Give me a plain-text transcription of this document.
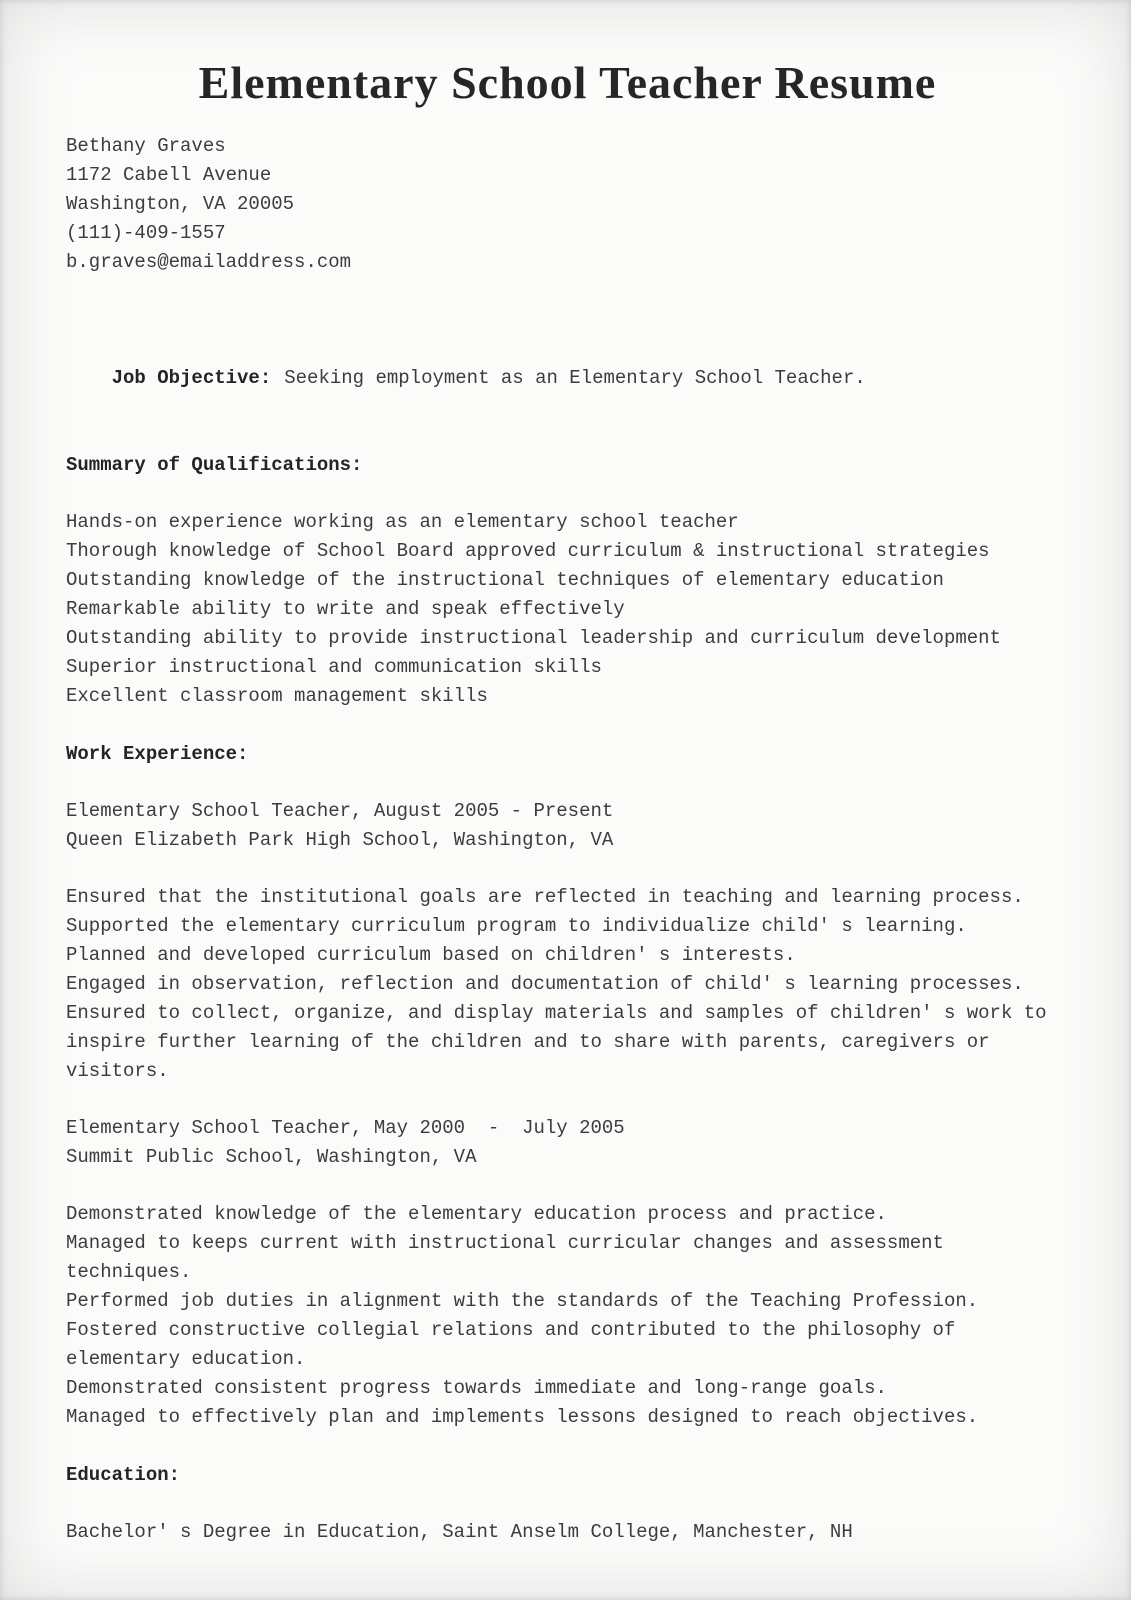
Elementary School Teacher Resume
Bethany Graves
1172 Cabell Avenue
Washington, VA 20005
(111)-409-1557
b.graves@emailaddress.com

Job Objective: Seeking employment as an Elementary School Teacher.

Summary of Qualifications:
Hands-on experience working as an elementary school teacher
Thorough knowledge of School Board approved curriculum & instructional strategies
Outstanding knowledge of the instructional techniques of elementary education
Remarkable ability to write and speak effectively
Outstanding ability to provide instructional leadership and curriculum development
Superior instructional and communication skills
Excellent classroom management skills
Work Experience:
Elementary School Teacher, August 2005 - Present
Queen Elizabeth Park High School, Washington, VA
Ensured that the institutional goals are reflected in teaching and learning process.
Supported the elementary curriculum program to individualize child' s learning.
Planned and developed curriculum based on children' s interests.
Engaged in observation, reflection and documentation of child' s learning processes.
Ensured to collect, organize, and display materials and samples of children' s work to inspire further learning of the children and to share with parents, caregivers or visitors.
Elementary School Teacher, May 2000  -  July 2005
Summit Public School, Washington, VA
Demonstrated knowledge of the elementary education process and practice.
Managed to keeps current with instructional curricular changes and assessment techniques.
Performed job duties in alignment with the standards of the Teaching Profession.
Fostered constructive collegial relations and contributed to the philosophy of elementary education.
Demonstrated consistent progress towards immediate and long-range goals.
Managed to effectively plan and implements lessons designed to reach objectives.
Education:
Bachelor' s Degree in Education, Saint Anselm College, Manchester, NH
